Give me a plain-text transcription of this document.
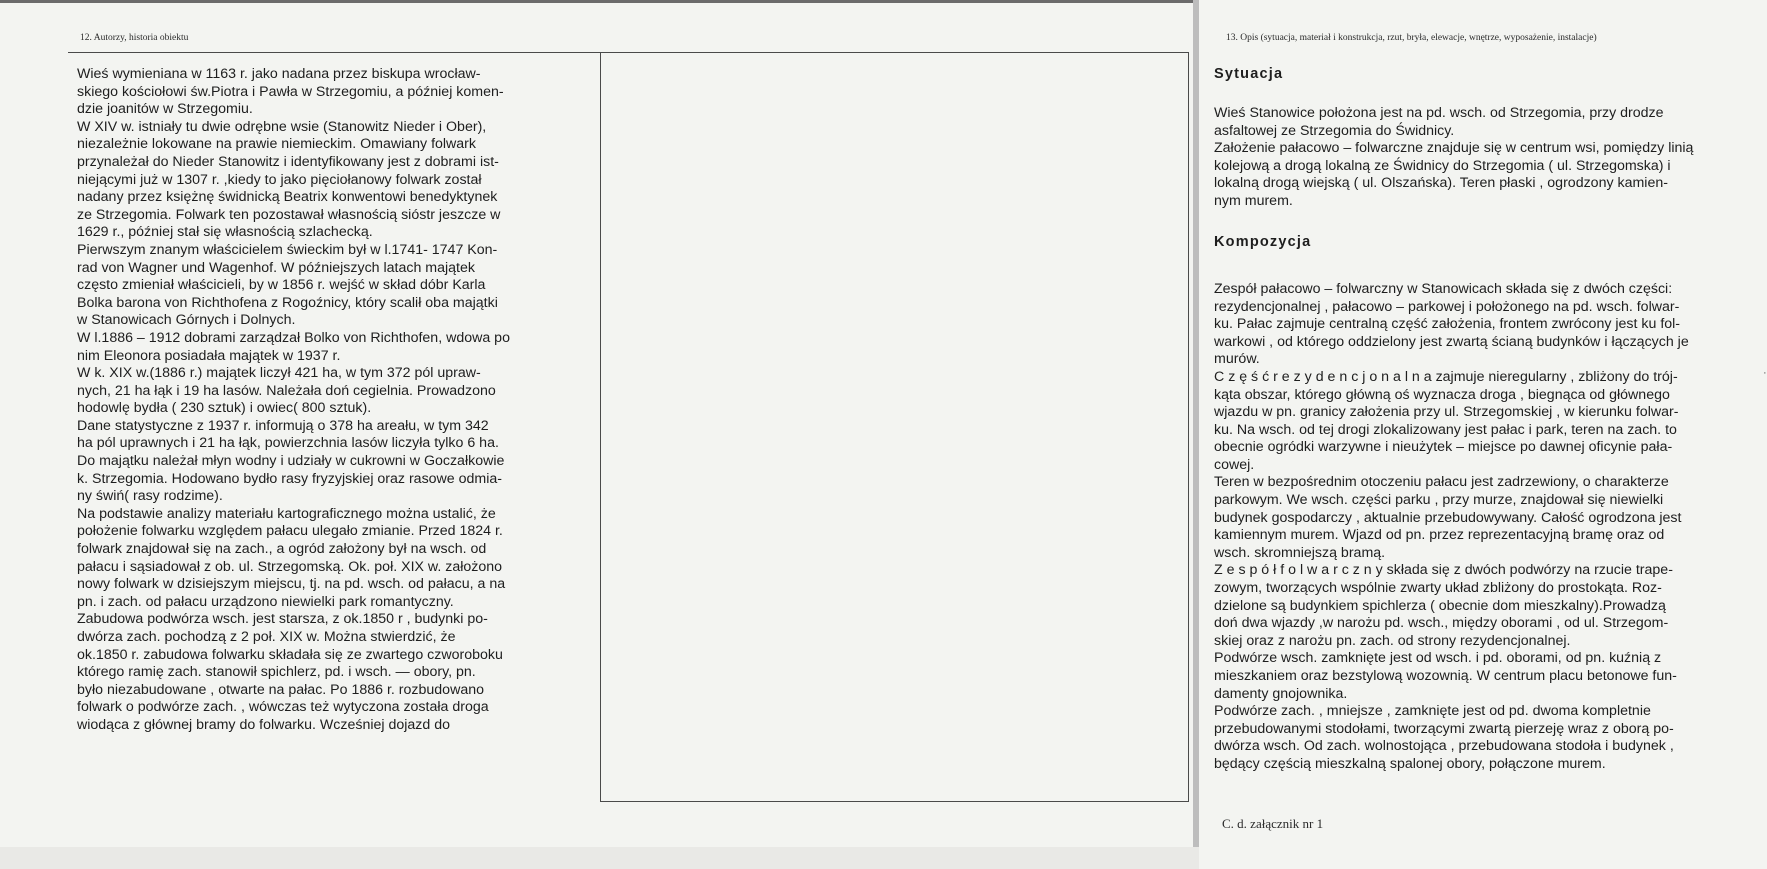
12. Autorzy, historia obiektu
Wieś wymieniana w 1163 r. jako nadana przez biskupa wrocław-
skiego kościołowi św.Piotra i Pawła w Strzegomiu, a później komen-
dzie joanitów w Strzegomiu.
W XIV w. istniały tu dwie odrębne wsie (Stanowitz Nieder i Ober),
niezależnie lokowane na prawie niemieckim. Omawiany folwark
przynależał do Nieder Stanowitz i identyfikowany jest z dobrami ist-
niejącymi już w 1307 r. ,kiedy to jako pięciołanowy folwark został
nadany przez księżnę świdnicką Beatrix konwentowi benedyktynek
ze Strzegomia. Folwark ten pozostawał własnością sióstr jeszcze w
1629 r., później stał się własnością szlachecką.
Pierwszym znanym właścicielem świeckim był w l.1741- 1747 Kon-
rad von Wagner und Wagenhof. W późniejszych latach majątek
często zmieniał właścicieli, by w 1856 r. wejść w skład dóbr Karla
Bolka barona von Richthofena z Rogoźnicy, który scalił oba majątki
w Stanowicach Górnych i Dolnych.
W l.1886 – 1912 dobrami zarządzał Bolko von Richthofen, wdowa po
nim Eleonora posiadała majątek w 1937 r.
W k. XIX w.(1886 r.) majątek liczył 421 ha, w tym 372 pól upraw-
nych, 21 ha łąk i 19 ha lasów. Należała doń cegielnia. Prowadzono
hodowlę bydła ( 230 sztuk) i owiec( 800 sztuk).
Dane statystyczne z 1937 r. informują o 378 ha areału, w tym 342
ha pól uprawnych i 21 ha łąk, powierzchnia lasów liczyła tylko 6 ha.
Do majątku należał młyn wodny i udziały w cukrowni w Goczałkowie
k. Strzegomia. Hodowano bydło rasy fryzyjskiej oraz rasowe odmia-
ny świń( rasy rodzime).
Na podstawie analizy materiału kartograficznego można ustalić, że
położenie folwarku względem pałacu ulegało zmianie. Przed 1824 r.
folwark znajdował się na zach., a ogród założony był na wsch. od
pałacu i sąsiadował z ob. ul. Strzegomską. Ok. poł. XIX w. założono
nowy folwark w dzisiejszym miejscu, tj. na pd. wsch. od pałacu, a na
pn. i zach. od pałacu urządzono niewielki park romantyczny.
Zabudowa podwórza wsch. jest starsza, z ok.1850 r , budynki po-
dwórza zach. pochodzą z 2 poł. XIX w. Można stwierdzić, że
ok.1850 r. zabudowa folwarku składała się ze zwartego czworoboku
którego ramię zach. stanowił spichlerz, pd. i wsch. — obory, pn.
było niezabudowane , otwarte na pałac. Po 1886 r. rozbudowano
folwark o podwórze zach. , wówczas też wytyczona została droga
wiodąca z głównej bramy do folwarku. Wcześniej dojazd do
13. Opis (sytuacja, materiał i konstrukcja, rzut, bryła, elewacje, wnętrze, wyposażenie, instalacje)
Sytuacja
Kompozycja
Wieś Stanowice położona jest na pd. wsch. od Strzegomia, przy drodze
asfaltowej ze Strzegomia do Świdnicy.
Założenie pałacowo – folwarczne znajduje się w centrum wsi, pomiędzy linią
kolejową a drogą lokalną ze Świdnicy do Strzegomia ( ul. Strzegomska) i
lokalną drogą wiejską ( ul. Olszańska). Teren płaski , ogrodzony kamien-
nym murem.
Zespół pałacowo – folwarczny w Stanowicach składa się z dwóch części:
rezydencjonalnej , pałacowo – parkowej i położonego na pd. wsch. folwar-
ku. Pałac zajmuje centralną część założenia, frontem zwrócony jest ku fol-
warkowi , od którego oddzielony jest zwartą ścianą budynków i łączących je
murów.
C z ę ś ć r e z y d e n c j o n a l n a zajmuje nieregularny , zbliżony do trój-
kąta obszar, którego główną oś wyznacza droga , biegnąca od głównego
wjazdu w pn. granicy założenia przy ul. Strzegomskiej , w kierunku folwar-
ku. Na wsch. od tej drogi zlokalizowany jest pałac i park, teren na zach. to
obecnie ogródki warzywne i nieużytek – miejsce po dawnej oficynie pała-
cowej.
Teren w bezpośrednim otoczeniu pałacu jest zadrzewiony, o charakterze
parkowym. We wsch. części parku , przy murze, znajdował się niewielki
budynek gospodarczy , aktualnie przebudowywany. Całość ogrodzona jest
kamiennym murem. Wjazd od pn. przez reprezentacyjną bramę oraz od
wsch. skromniejszą bramą.
Z e s p ó ł f o l w a r c z n y składa się z dwóch podwórzy na rzucie trape-
zowym, tworzących wspólnie zwarty układ zbliżony do prostokąta. Roz-
dzielone są budynkiem spichlerza ( obecnie dom mieszkalny).Prowadzą
doń dwa wjazdy ,w narożu pd. wsch., między oborami , od ul. Strzegom-
skiej oraz z narożu pn. zach. od strony rezydencjonalnej.
Podwórze wsch. zamknięte jest od wsch. i pd. oborami, od pn. kuźnią z
mieszkaniem oraz bezstylową wozownią. W centrum placu betonowe fun-
damenty gnojownika.
Podwórze zach. , mniejsze , zamknięte jest od pd. dwoma kompletnie
przebudowanymi stodołami, tworzącymi zwartą pierzeję wraz z oborą po-
dwórza wsch. Od zach. wolnostojąca , przebudowana stodoła i budynek ,
będący częścią mieszkalną spalonej obory, połączone murem.
C. d. załącznik nr 1
·
